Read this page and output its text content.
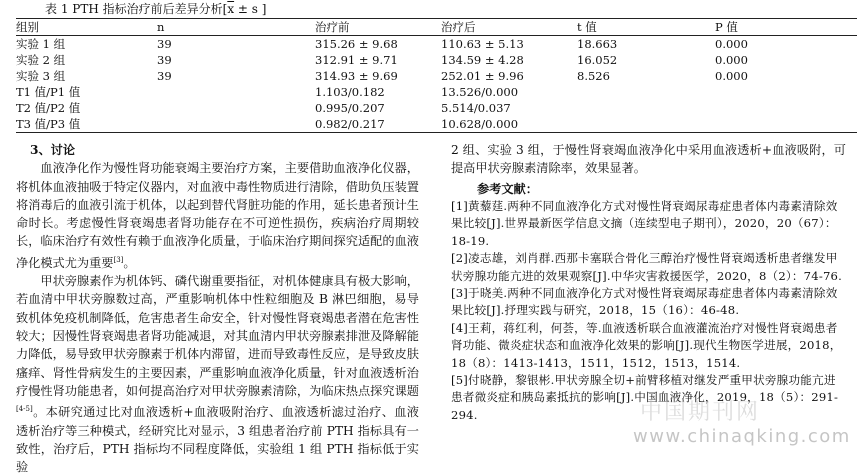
表 1 PTH 指标治疗前后差异分析[$\overline{x} \pm s$ ]
组别	n	治疗前	治疗后	t 值	P 值
实验 1 组	39	315.26 ± 9.68	110.63 ± 5.13	18.663	0.000
实验 2 组	39	312.91 ± 9.71	134.59 ± 4.28	16.052	0.000
实验 3 组	39	314.93 ± 9.69	252.01 ± 9.96	8.526	0.000
T1 值/P1 值		1.103/0.182	13.526/0.000		
T2 值/P2 值		0.995/0.207	5.514/0.037		
T3 值/P3 值		0.982/0.217	10.628/0.000		
3、讨论

血液净化作为慢性肾功能衰竭主要治疗方案，主要借助血液净化仪器，将机体血液抽吸于特定仪器内，对血液中毒性物质进行清除，借助负压装置将消毒后的血液引流于机体，以起到替代肾脏功能的作用，延长患者预计生命时长。考虑慢性肾衰竭患者肾功能存在不可逆性损伤，疾病治疗周期较长，临床治疗有效性有赖于血液净化质量，于临床治疗期间探究适配的血液净化模式尤为重要[3]。

甲状旁腺素作为机体钙、磷代谢重要指征，对机体健康具有极大影响，若血清中甲状旁腺数过高，严重影响机体中性粒细胞及 B 淋巴细胞，易导致机体免疫机制降低，危害患者生命安全，针对慢性肾衰竭患者潜在危害性较大；因慢性肾衰竭患者肾功能减退，对其血清内甲状旁腺素排泄及降解能力降低，易导致甲状旁腺素于机体内滞留，进而导致毒性反应，是导致皮肤瘙痒、肾性骨病发生的主要因素，严重影响血液净化质量，针对血液透析治疗慢性肾功能患者，如何提高治疗对甲状旁腺素清除，为临床热点探究课题[4-5]。本研究通过比对血液透析+血液吸附治疗、血液透析滤过治疗、血液透析治疗等三种模式，经研究比对显示，3 组患者治疗前 PTH 指标具有一致性，治疗后，PTH 指标均不同程度降低，实验组 1 组 PTH 指标低于实验

2 组、实验 3 组，于慢性肾衰竭血液净化中采用血液透析+血液吸附，可提高甲状旁腺素清除率，效果显著。

参考文献：

[1]黄藜莛.两种不同血液净化方式对慢性肾衰竭尿毒症患者体内毒素清除效果比较[J].世界最新医学信息文摘（连续型电子期刊），2020，20（67）：18-19.

[2]凌志雄，刘肖群.西那卡塞联合骨化三醇治疗慢性肾衰竭透析患者继发甲状旁腺功能亢进的效果观察[J].中华灾害救援医学，2020，8（2）：74-76.

[3]于晓美.两种不同血液净化方式对慢性肾衰竭尿毒症患者体内毒素清除效果比较[J].抒理实践与研究，2018，15（16）：46-48.

[4]王莉，蒋红利，何荟，等.血液透析联合血液灌流治疗对慢性肾衰竭患者肾功能、微炎症状态和血液净化效果的影响[J].现代生物医学进展，2018，18（8）：1413-1413，1511，1512，1513，1514.

[5]付晓静，黎银彬.甲状旁腺全切+前臂移植对继发严重甲状旁腺功能亢进患者微炎症和胰岛素抵抗的影响[J].中国血液净化，2019，18（5）：291-294.	中国期刊网
www.chinaqking.com
